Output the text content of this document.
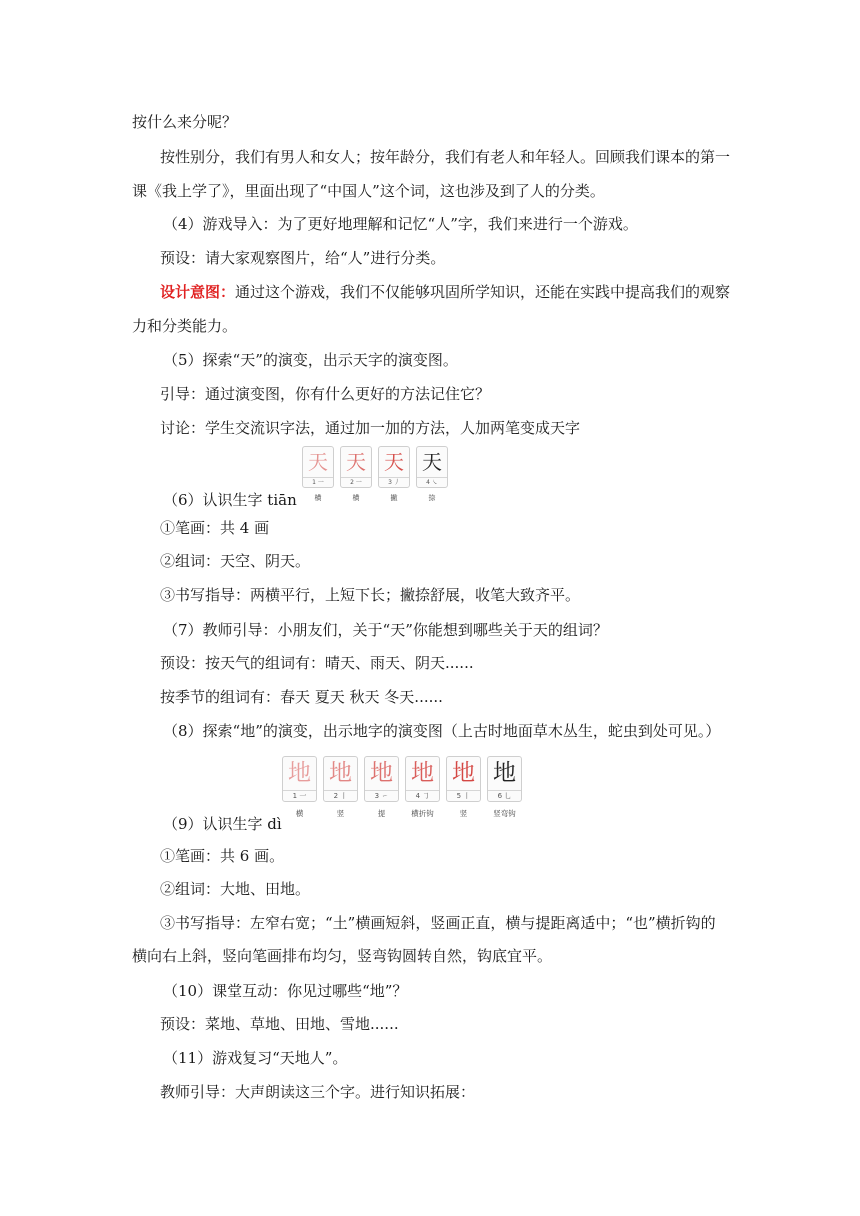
按什么来分呢？
按性别分，我们有男人和女人；按年龄分，我们有老人和年轻人。回顾我们课本的第一
课《我上学了》，里面出现了“中国人”这个词，这也涉及到了人的分类。
（4）游戏导入：为了更好地理解和记忆“人”字，我们来进行一个游戏。
预设：请大家观察图片，给“人”进行分类。
设计意图：通过这个游戏，我们不仅能够巩固所学知识，还能在实践中提高我们的观察
力和分类能力。
（5）探索“天”的演变，出示天字的演变图。
引导：通过演变图，你有什么更好的方法记住它？
讨论：学生交流识字法，通过加一加的方法，人加两笔变成天字
天
1 一
横
天
2 一
横
天
3 丿
撇
天
4 ㇏
捺
（6）认识生字 tiān
①笔画：共 4 画
②组词：天空、阴天。
③书写指导：两横平行，上短下长；撇捺舒展，收笔大致齐平。
（7）教师引导：小朋友们，关于“天”你能想到哪些关于天的组词？
预设：按天气的组词有：晴天、雨天、阴天......
按季节的组词有：春天 夏天 秋天 冬天......
（8）探索“地”的演变，出示地字的演变图（上古时地面草木丛生，蛇虫到处可见。）
地
1 一
横
地
2 丨
竖
地
3 ㇀
提
地
4 ㇆
横折钩
地
5 丨
竖
地
6 乚
竖弯钩
（9）认识生字 dì
①笔画：共 6 画。
②组词：大地、田地。
③书写指导：左窄右宽；“土”横画短斜，竖画正直，横与提距离适中；“也”横折钩的
横向右上斜，竖向笔画排布均匀，竖弯钩圆转自然，钩底宜平。
（10）课堂互动：你见过哪些“地”？
预设：菜地、草地、田地、雪地......
（11）游戏复习“天地人”。
教师引导：大声朗读这三个字。进行知识拓展：
